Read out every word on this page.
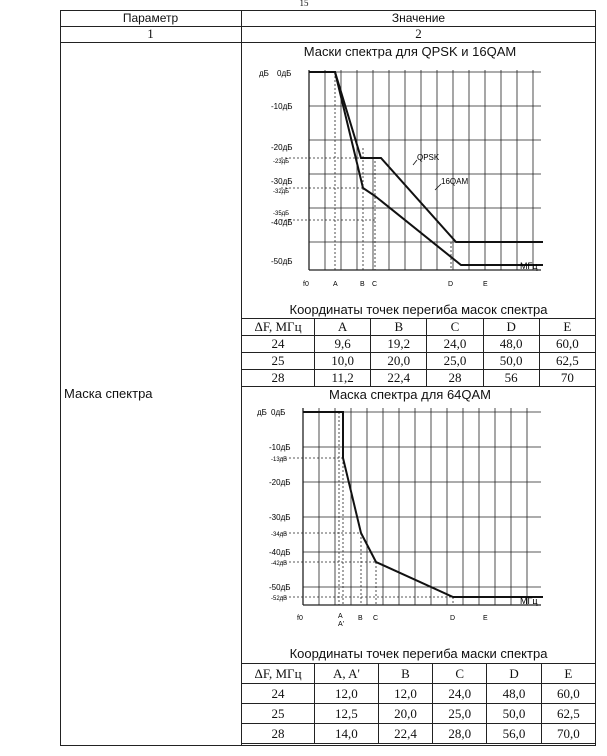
15
Параметр	Значение
1	2
Маска спектра
Маски спектра для QPSK и 16QAM
дБ 0дБ
-10дБ
-20дБ
-23дБ
-30дБ
-32дБ
-35дБ
-40дБ
-50дБ	МГц
f0	A	B C	D	E
QPSK
16QAM
Координаты точек перегиба масок спектра
ΔF, МГц	A	B	C	D	E
24	9,6	19,2	24,0	48,0	60,0
25	10,0	20,0	25,0	50,0	62,5
28	11,2	22,4	28	56	70
Маска спектра для 64QAM
дБ 0дБ
-10дБ
-13дБ
-20дБ
-30дБ
-34дБ
-40дБ
-42дБ
-50дБ
-52дБ	МГц
f0	A
A'
B C	D	E
Координаты точек перегиба маски спектра
ΔF, МГц	A, A'	B	C	D	E
24	12,0	12,0	24,0	48,0	60,0
25	12,5	20,0	25,0	50,0	62,5
28	14,0	22,4	28,0	56,0	70,0
